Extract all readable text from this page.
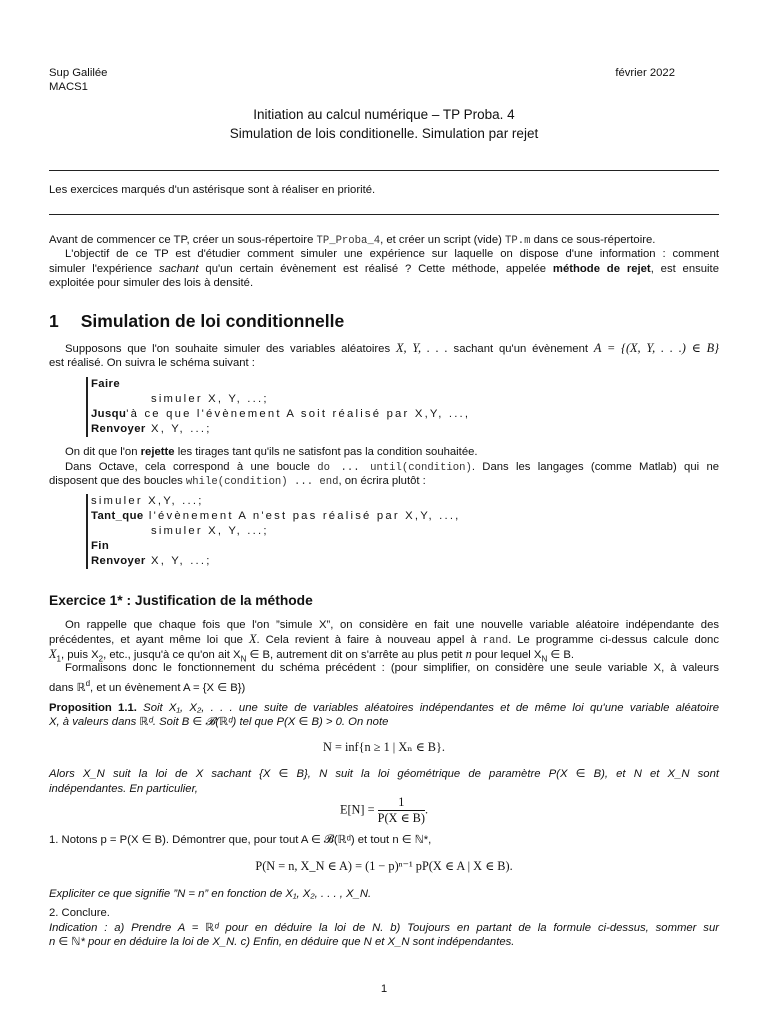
Sup Galilée	février 2022
MACS1
Initiation au calcul numérique – TP Proba. 4
Simulation de lois conditionelle. Simulation par rejet
Les exercices marqués d'un astérisque sont à réaliser en priorité.
Avant de commencer ce TP, créer un sous-répertoire TP_Proba_4, et créer un script (vide) TP.m dans ce sous-répertoire.
L'objectif de ce TP est d'étudier comment simuler une expérience sur laquelle on dispose d'une information : comment
simuler l'expérience sachant qu'un certain évènement est réalisé ? Cette méthode, appelée méthode de rejet, est ensuite
exploitée pour simuler des lois à densité.
1 Simulation de loi conditionnelle
Supposons que l'on souhaite simuler des variables aléatoires X, Y, . . . sachant qu'un évènement A = {(X, Y, . . .) ∈ B}
est réalisé. On suivra le schéma suivant :
Faire
simuler X, Y, ...;
Jusqu'à ce que l'évènement A soit réalisé par X,Y, ...,
Renvoyer X, Y, ...;
On dit que l'on rejette les tirages tant qu'ils ne satisfont pas la condition souhaitée.
Dans Octave, cela correspond à une boucle do ... until(condition). Dans les langages (comme Matlab) qui ne
disposent que des boucles while(condition) ... end, on écrira plutôt :
simuler X,Y, ...;
Tant_que l'évènement A n'est pas réalisé par X,Y, ...,
simuler X, Y, ...;
Fin
Renvoyer X, Y, ...;
Exercice 1* : Justification de la méthode
On rappelle que chaque fois que l'on ”simule X”, on considère en fait une nouvelle variable aléatoire indépendante des
précédentes, et ayant même loi que X. Cela revient à faire à nouveau appel à rand. Le programme ci-dessus calcule donc
$X_1$, puis $X_2$, etc., jusqu'à ce qu'on ait $X_N$ ∈ B, autrement dit on s'arrête au plus petit n pour lequel $X_N$ ∈ B.
Formalisons donc le fonctionnement du schéma précédent : (pour simplifier, on considère une seule variable X, à valeurs
dans ℝ$^d$, et un évènement A = {X ∈ B})
Proposition 1.1. Soit X₁, X₂, . . . une suite de variables aléatoires indépendantes et de même loi qu'une variable aléatoire
X, à valeurs dans ℝᵈ. Soit B ∈ 𝓑(ℝᵈ) tel que P(X ∈ B) > 0. On note
N = inf{n ≥ 1 | Xₙ ∈ B}.
Alors X_N suit la loi de X sachant {X ∈ B}, N suit la loi géométrique de paramètre P(X ∈ B), et N et X_N sont
indépendantes. En particulier,
$E[N] = \frac{1}{P(X \in B)}$ .
1. Notons p = P(X ∈ B). Démontrer que, pour tout A ∈ 𝓑(ℝᵈ) et tout n ∈ ℕ*,
P(N = n, X_N ∈ A) = (1 − p)ⁿ⁻¹ pP(X ∈ A | X ∈ B).
Expliciter ce que signifie ”N = n” en fonction de X₁, X₂, . . . , X_N.
2. Conclure.
Indication : a) Prendre A = ℝᵈ pour en déduire la loi de N. b) Toujours en partant de la formule ci-dessus, sommer sur
n ∈ ℕ* pour en déduire la loi de X_N. c) Enfin, en déduire que N et X_N sont indépendantes.
1
